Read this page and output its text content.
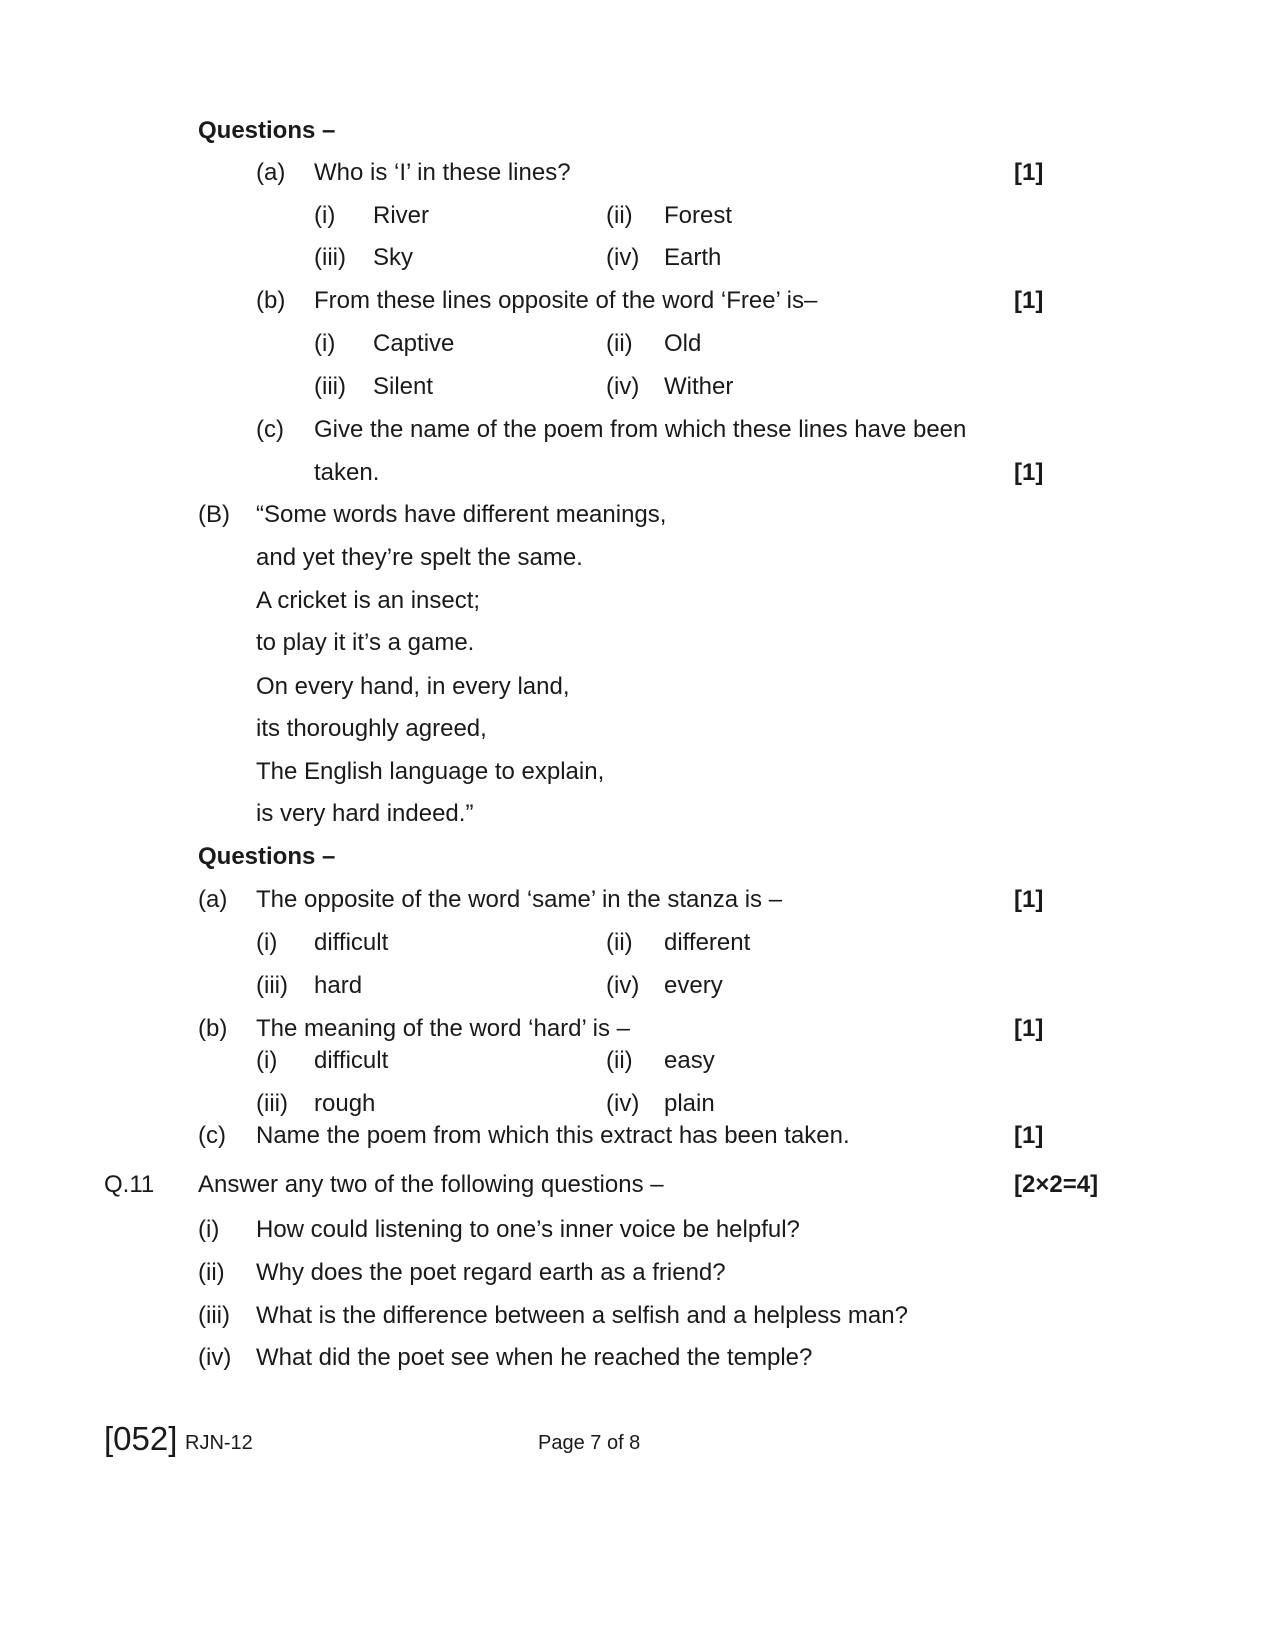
Questions –
(a) Who is ‘I’ in these lines?	[1]
(i) River	(ii) Forest
(iii) Sky	(iv) Earth
(b) From these lines opposite of the word ‘Free’ is–	[1]
(i) Captive	(ii) Old
(iii) Silent	(iv) Wither
(c) Give the name of the poem from which these lines have been
taken.	[1]
(B) “Some words have different meanings,
and yet they’re spelt the same.
A cricket is an insect;
to play it it’s a game.
On every hand, in every land,
its thoroughly agreed,
The English language to explain,
is very hard indeed.”
Questions –
(a) The opposite of the word ‘same’ in the stanza is –	[1]
(i) difficult	(ii) different
(iii) hard	(iv) every
(b) The meaning of the word ‘hard’ is –	[1]
(i) difficult	(ii) easy
(iii) rough	(iv) plain
(c) Name the poem from which this extract has been taken.	[1]
Q.11 Answer any two of the following questions –	[2×2=4]
(i) How could listening to one’s inner voice be helpful?
(ii) Why does the poet regard earth as a friend?
(iii) What is the difference between a selfish and a helpless man?
(iv) What did the poet see when he reached the temple?
[052] RJN-12	Page 7 of 8
